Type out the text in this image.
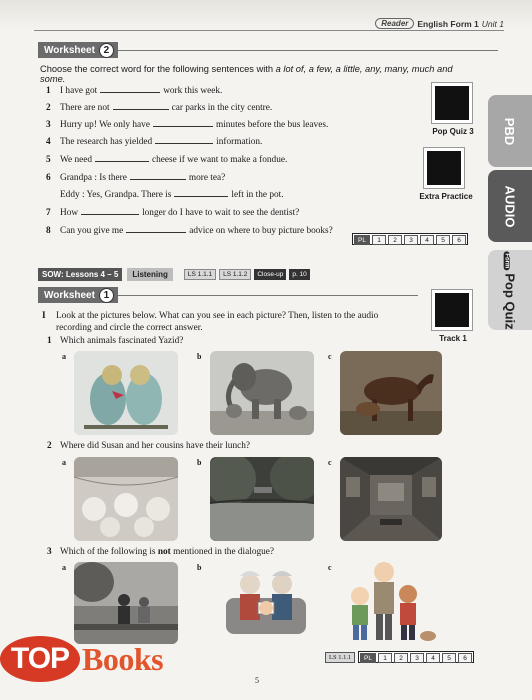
Reader	English Form 1 Unit 1
Worksheet 2
Choose the correct word for the following sentences with a lot of, a few, a little, any, many, much and some.
1	I have got	work this week.
2	There are not	car parks in the city centre.
3	Hurry up! We only have	minutes before the bus leaves.
4	The research has yielded	information.
5	We need	cheese if we want to make a fondue.
6	Grandpa : Is there	more tea?
Eddy : Yes, Grandpa. There is	left in the pot.
7	How	longer do I have to wait to see the dentist?
8	Can you give me	advice on where to buy picture books?
Pop Quiz 3
Extra Practice
PL	1	2	3	4	5	6
SOW: Lessons 4 – 5	Listening	LS 1.1.1	LS 1.1.2	Close-up	p. 10
Worksheet 1
Track 1
I Look at the pictures below. What can you see in each picture? Then, listen to the audio
recording and circle the correct answer.
1 Which animals fascinated Yazid?
a	b	c
2 Where did Susan and her cousins have their lunch?
a	b	c
3 Which of the following is not mentioned in the dialogue?
a	b	c
LS 1.1.1	PL	1	2	3	4	5	6
PBD
AUDIO
FormPop Quiz
5
TOP Books
